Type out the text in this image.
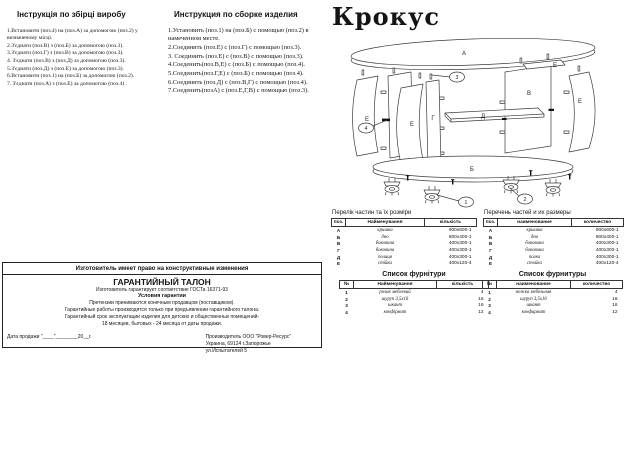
Інструкція по збірці виробу
1.Встановити (поз.4) на (поз.А) за допомогою (поз.2) у визначеному місці.
2.З'єднати (поз.В) з (поз.Б) за допомогою (поз.3).
3.З'єднати (поз.Г) з (поз.В) за допомогою (поз.3).
4. З'єднати (поз.В) з (поз.Д) за допомогою (поз.3).
5.З'єднати (поз.Д) з (поз.Е) за допомогою (поз.3).
6.Встановити (поз.1) на (поз.Б) за допомогою (поз.2).
7. З'єднати (поз.А) з (поз.Е) за допомогою (поз.4) .
Инструкция по сборке изделия
1.Установить (поз.1) на (поз.Б) с помощью (поз.2) в намеченном месте.
2.Соединить (поз.Е) с (поз.Г) с помощью (поз.3).
3. Соединить (поз.Е) с (поз.В) с помощью (поз.3).
4.Соеденить(поз.В,Е) с (поз.Б) с помощью (поз.4).
5.Соеденить(поз.Г,Е) с (поз.Б) с помощью (поз.4).
6.Соединить (поз.Д) с (поз.В,Г) с помощью (поз.4).
7.Соеденить(позА) с (поз.Е,Г,В) с помощью (поз.3).
Крокус
А
Б
В
Г	Д
Е
Е
Е
Е
3
4
1	2
Перелік частин та їх розміри
поз.	Найменування	кількість
А	кришка	900х600-1
Б	дно	800х400-1
В	боковина	400х300-1
Г	боковина	400х300-1
Д	полиця	400х300-1
Е	стійка	400х120-4
Перечень частей и их размеры
поз.	наименование	количество
А	крышка	900х600-1
Б	дно	800х400-1
В	боковина	400х300-1
Г	боковина	400х300-1
Д	полка	400х300-1
Е	стойка	400х120-4
Список фурнітури
№	Найменування	кількість
1	ролик меблевий	4
2	шуруп 3,5х16	16
3	шкант	16
4	конфірмат	12
Список фурнитуры
№	наименование	количество
1	ножка мебельная	4
2	шуруп 3,5х16	16
3	шкант	16
4	конфирмат	12
Изготовитель имеет право на конструктивные изменения
ГАРАНТИЙНЫЙ ТАЛОН
Изготовитель гарантирует соответствие ГОСТа 16371-93
Условия гарантии
Претензии принимаются конечным продавцом (поставщиком).
Гарантийные работы производятся только при предъявлении гарантийного талона.
Гарантийный срок эксплуатации изделия для детских и общественных помещений-
18 месяцев, бытовых - 24 месяца от даты продажи.
Дата продажи "____"________20__г.	Производитель ООО "Ровер-Ресурс"
Украина, 69124 г.Запорожье
ул.Испытателей 5
